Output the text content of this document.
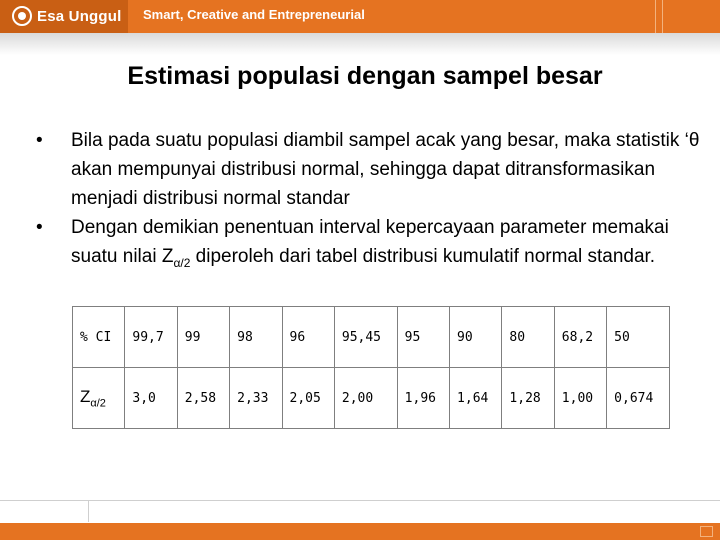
Esa Unggul Smart, Creative and Entrepreneurial
Estimasi populasi dengan sampel besar
• Bila pada suatu populasi diambil sampel acak yang besar, maka statistik ‘θ akan mempunyai distribusi normal, sehingga dapat ditransformasikan menjadi distribusi normal standar
• Dengan demikian penentuan interval kepercayaan parameter memakai suatu nilai $Z_{\alpha/2}$ diperoleh dari tabel distribusi kumulatif normal standar.
% CI	99,7	99	98	96	95,45	95	90	80	68,2	50
$Z_{\alpha/2}$	3,0	2,58	2,33	2,05	2,00	1,96	1,64	1,28	1,00	0,674
